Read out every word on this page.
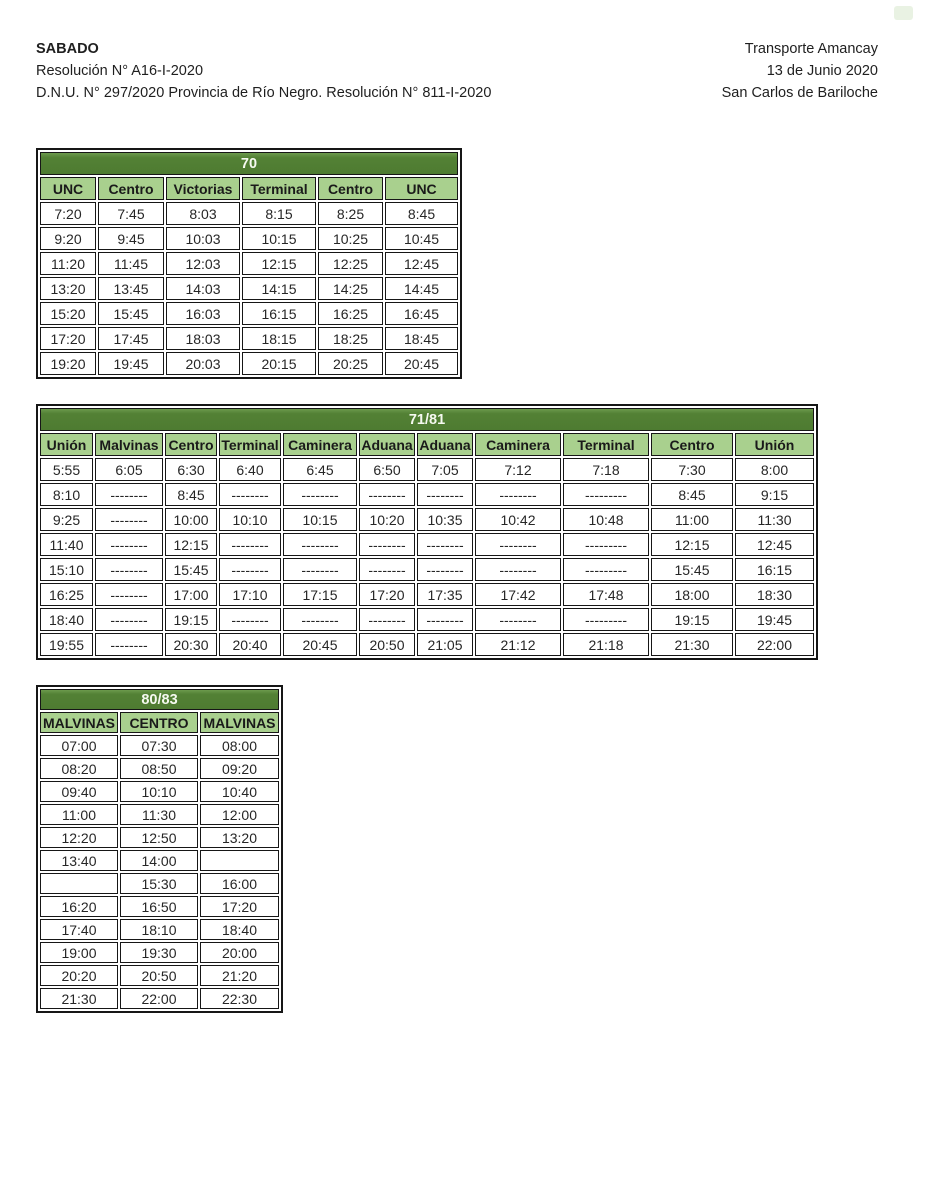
SABADO
Resolución N° A16-I-2020
D.N.U. N° 297/2020 Provincia de Río Negro. Resolución N° 811-I-2020
Transporte Amancay
13 de Junio 2020
San Carlos de Bariloche
70					
UNC	Centro	Victorias	Terminal	Centro	UNC
7:20	7:45	8:03	8:15	8:25	8:45
9:20	9:45	10:03	10:15	10:25	10:45
11:20	11:45	12:03	12:15	12:25	12:45
13:20	13:45	14:03	14:15	14:25	14:45
15:20	15:45	16:03	16:15	16:25	16:45
17:20	17:45	18:03	18:15	18:25	18:45
19:20	19:45	20:03	20:15	20:25	20:45
71/81										
Unión	Malvinas	Centro	Terminal	Caminera	Aduana	Aduana	Caminera	Terminal	Centro	Unión
5:55	6:05	6:30	6:40	6:45	6:50	7:05	7:12	7:18	7:30	8:00
8:10	--------	8:45	--------	--------	--------	--------	--------	---------	8:45	9:15
9:25	--------	10:00	10:10	10:15	10:20	10:35	10:42	10:48	11:00	11:30
11:40	--------	12:15	--------	--------	--------	--------	--------	---------	12:15	12:45
15:10	--------	15:45	--------	--------	--------	--------	--------	---------	15:45	16:15
16:25	--------	17:00	17:10	17:15	17:20	17:35	17:42	17:48	18:00	18:30
18:40	--------	19:15	--------	--------	--------	--------	--------	---------	19:15	19:45
19:55	--------	20:30	20:40	20:45	20:50	21:05	21:12	21:18	21:30	22:00
80/83		
MALVINAS	CENTRO	MALVINAS
07:00	07:30	08:00
08:20	08:50	09:20
09:40	10:10	10:40
11:00	11:30	12:00
12:20	12:50	13:20
13:40	14:00	
	15:30	16:00
16:20	16:50	17:20
17:40	18:10	18:40
19:00	19:30	20:00
20:20	20:50	21:20
21:30	22:00	22:30
